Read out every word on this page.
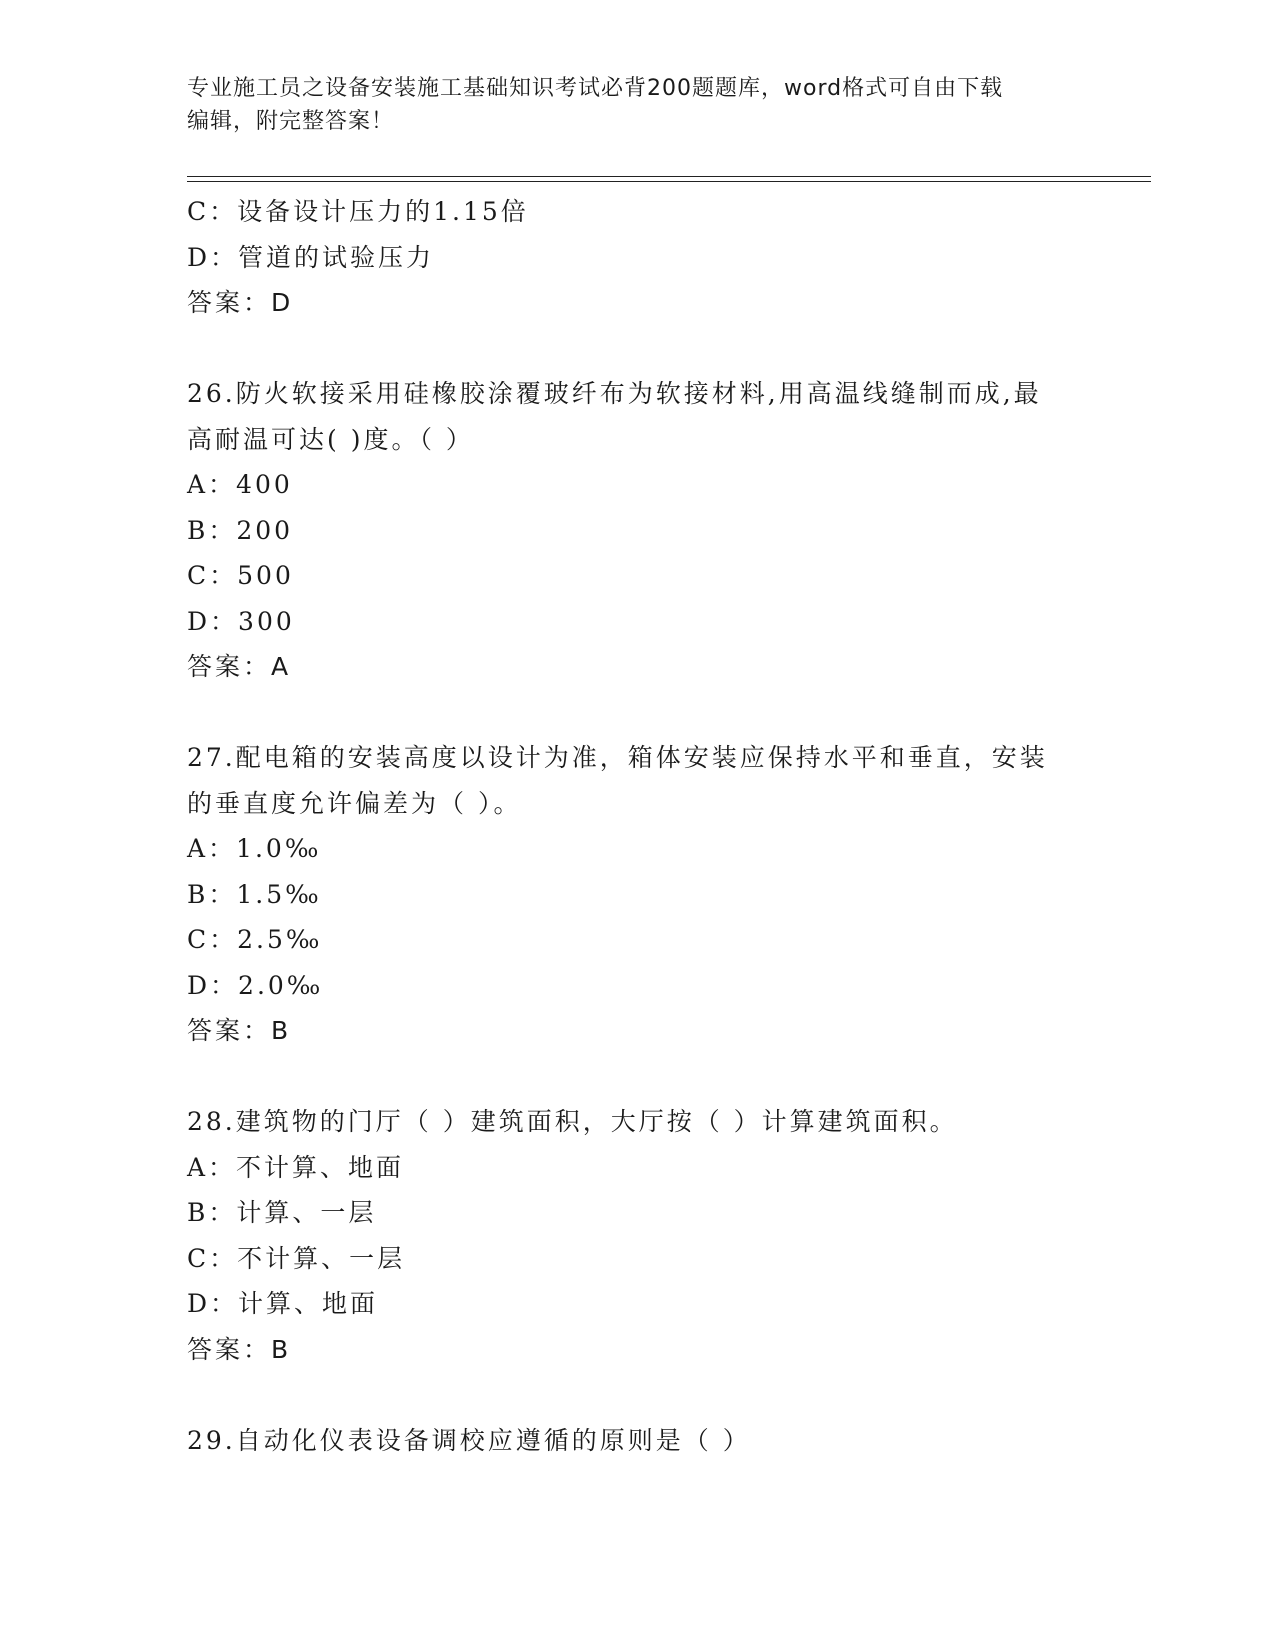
专业施工员之设备安装施工基础知识考试必背200题题库，word格式可自由下载
编辑，附完整答案！
C：设备设计压力的1.15倍
D：管道的试验压力
答案：D
26.防火软接采用硅橡胶涂覆玻纤布为软接材料,用高温线缝制而成,最
高耐温可达( )度。（ ）
A：400
B：200
C：500
D：300
答案：A
27.配电箱的安装高度以设计为准，箱体安装应保持水平和垂直，安装
的垂直度允许偏差为（ ）。
A：1.0‰
B：1.5‰
C：2.5‰
D：2.0‰
答案：B
28.建筑物的门厅（ ）建筑面积，大厅按（ ）计算建筑面积。
A：不计算、地面
B：计算、一层
C：不计算、一层
D：计算、地面
答案：B
29.自动化仪表设备调校应遵循的原则是（ ）
